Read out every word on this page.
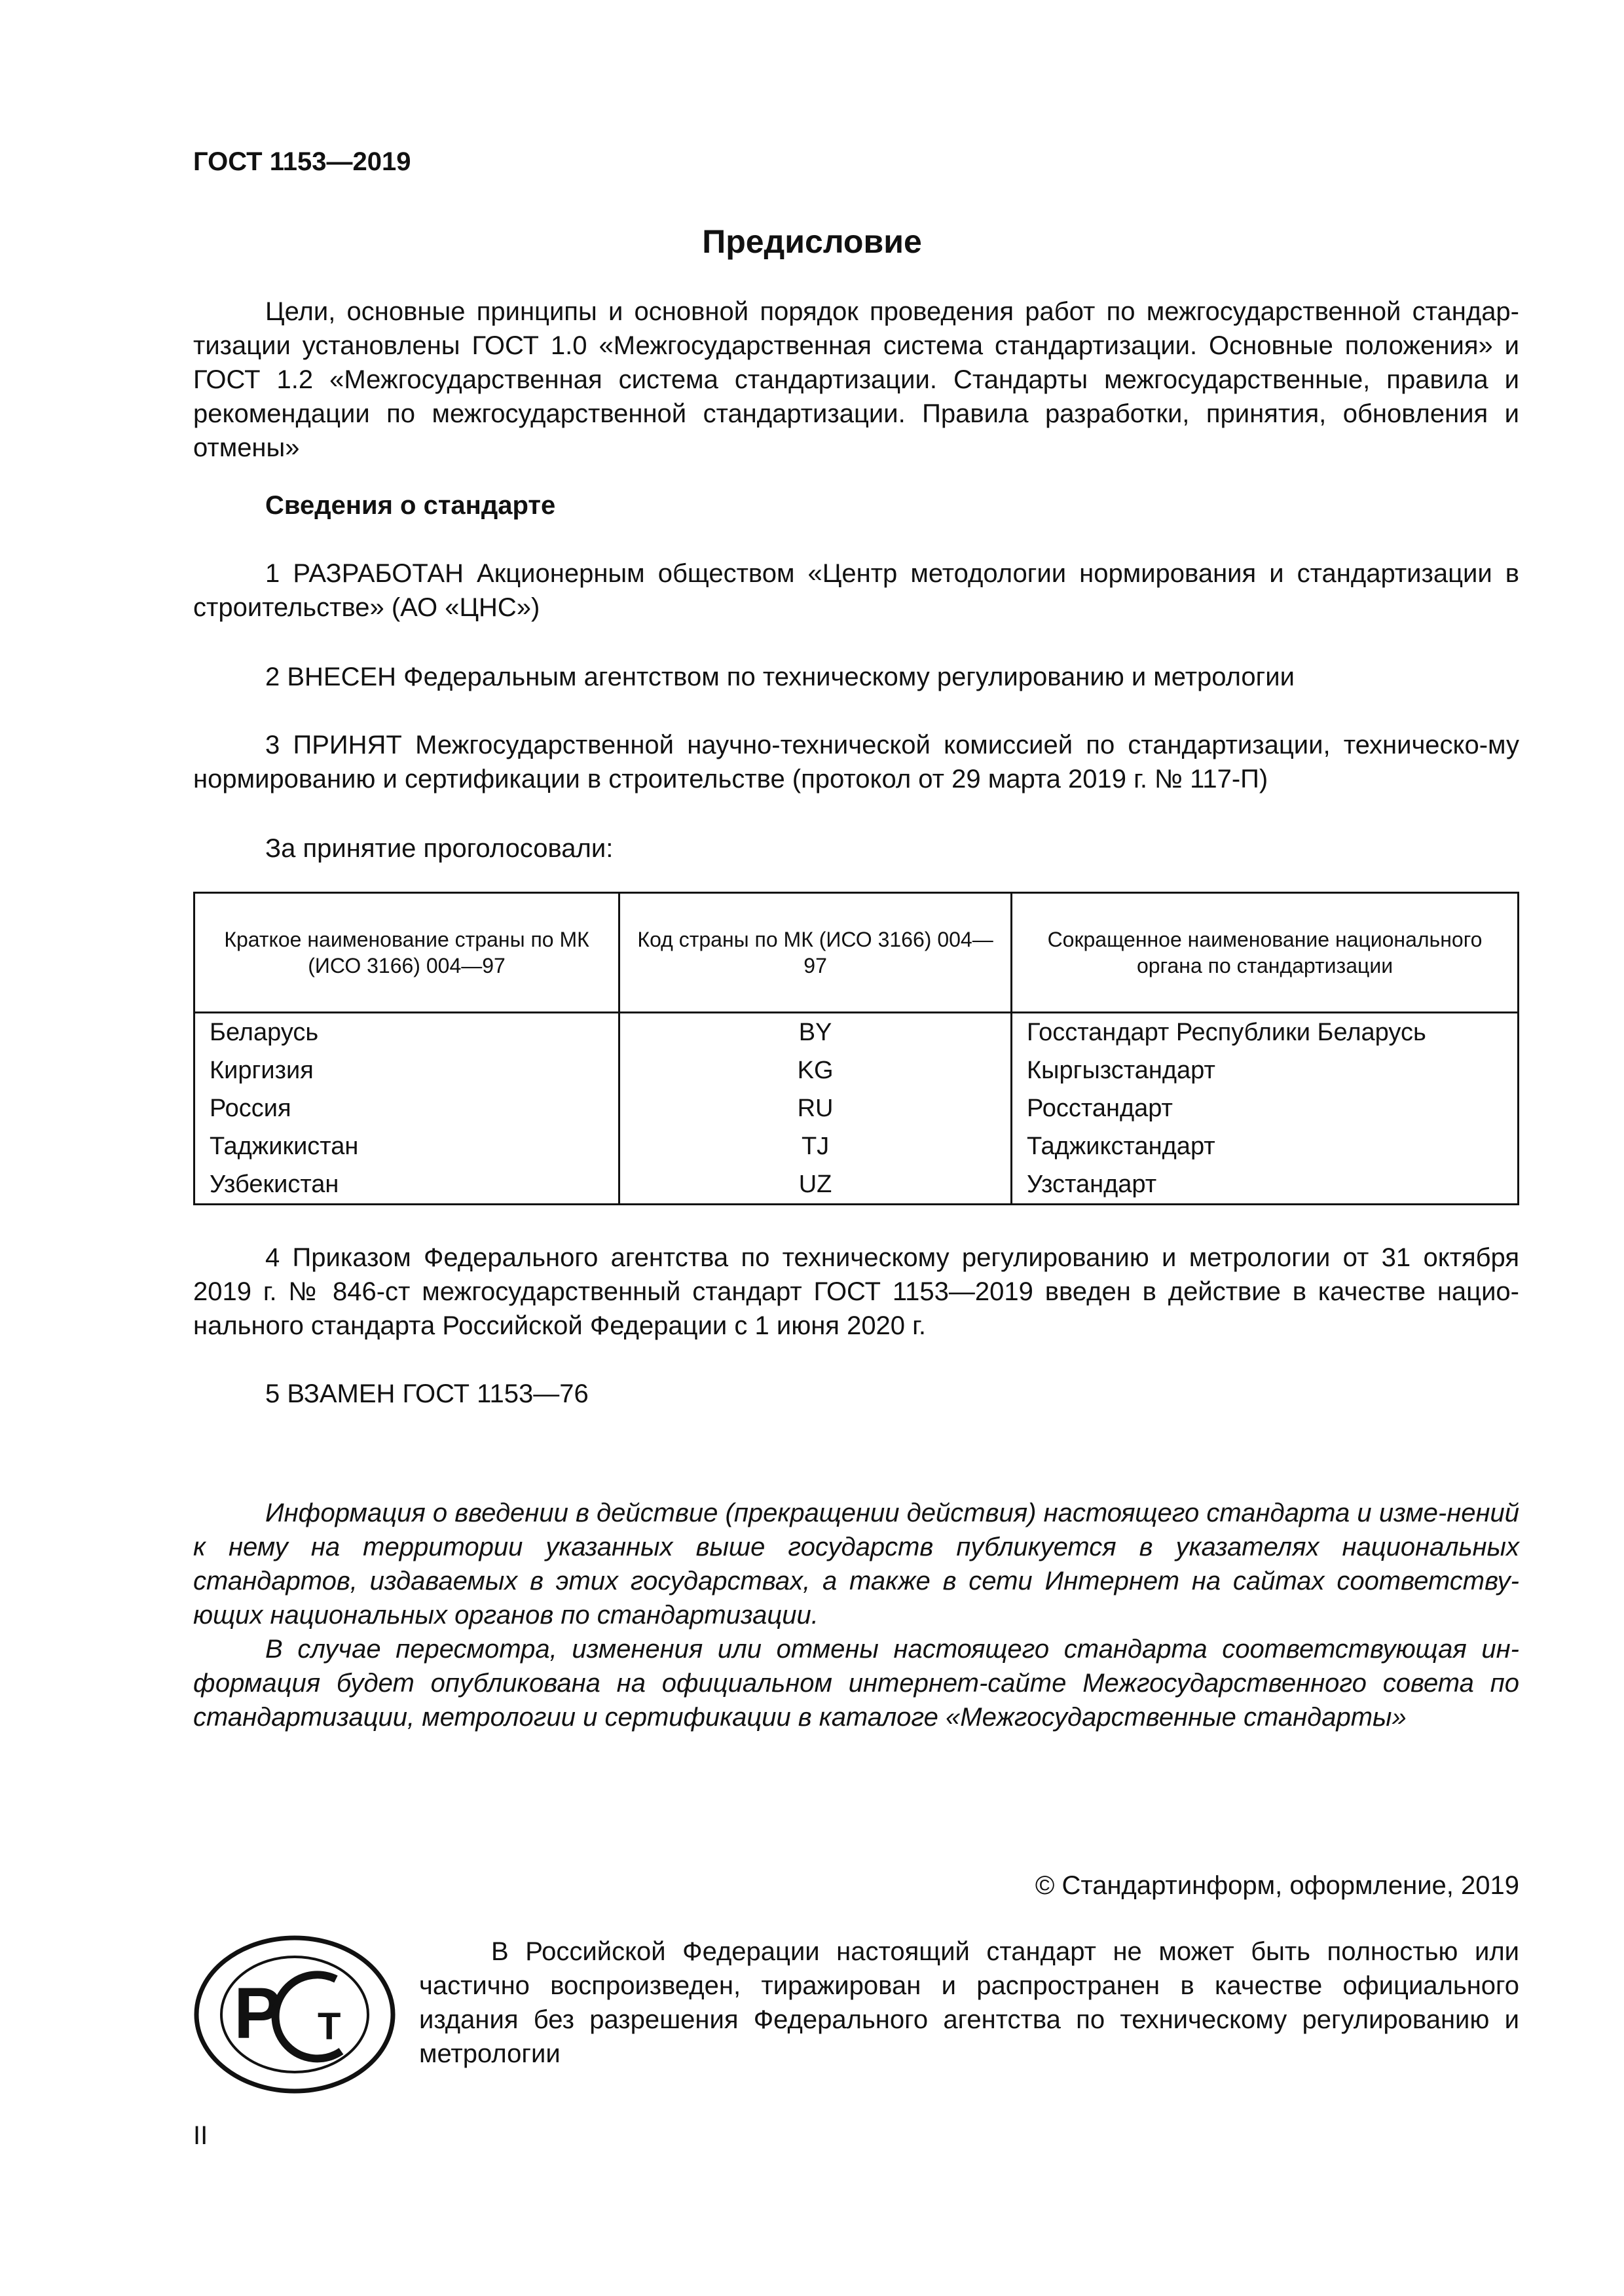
ГОСТ 1153—2019
Предисловие
Цели, основные принципы и основной порядок проведения работ по межгосударственной стандар-тизации установлены ГОСТ 1.0 «Межгосударственная система стандартизации. Основные положения» и ГОСТ 1.2 «Межгосударственная система стандартизации. Стандарты межгосударственные, правила и рекомендации по межгосударственной стандартизации. Правила разработки, принятия, обновления и отмены»
Сведения о стандарте
1 РАЗРАБОТАН Акционерным обществом «Центр методологии нормирования и стандартизации в строительстве» (АО «ЦНС»)
2 ВНЕСЕН Федеральным агентством по техническому регулированию и метрологии
3 ПРИНЯТ Межгосударственной научно-технической комиссией по стандартизации, техническо-му нормированию и сертификации в строительстве (протокол от 29 марта 2019 г. № 117-П)
За принятие проголосовали:
Краткое наименование страны по МК (ИСО 3166) 004—97	Код страны по МК (ИСО 3166) 004—97	Сокращенное наименование национального органа по стандартизации
Беларусь	BY	Госстандарт Республики Беларусь
Киргизия	KG	Кыргызстандарт
Россия	RU	Росстандарт
Таджикистан	TJ	Таджикстандарт
Узбекистан	UZ	Узстандарт
4 Приказом Федерального агентства по техническому регулированию и метрологии от 31 октября 2019 г. № 846-ст межгосударственный стандарт ГОСТ 1153—2019 введен в действие в качестве нацио-нального стандарта Российской Федерации с 1 июня 2020 г.
5 ВЗАМЕН ГОСТ 1153—76
Информация о введении в действие (прекращении действия) настоящего стандарта и изме-нений к нему на территории указанных выше государств публикуется в указателях национальных стандартов, издаваемых в этих государствах, а также в сети Интернет на сайтах соответству-ющих национальных органов по стандартизации.
В случае пересмотра, изменения или отмены настоящего стандарта соответствующая ин-формация будет опубликована на официальном интернет-сайте Межгосударственного совета по стандартизации, метрологии и сертификации в каталоге «Межгосударственные стандарты»
© Стандартинформ, оформление, 2019
Р Т
В Российской Федерации настоящий стандарт не может быть полностью или частично воспроизведен, тиражирован и распространен в качестве официального издания без разрешения Федерального агентства по техническому регулированию и метрологии
II
